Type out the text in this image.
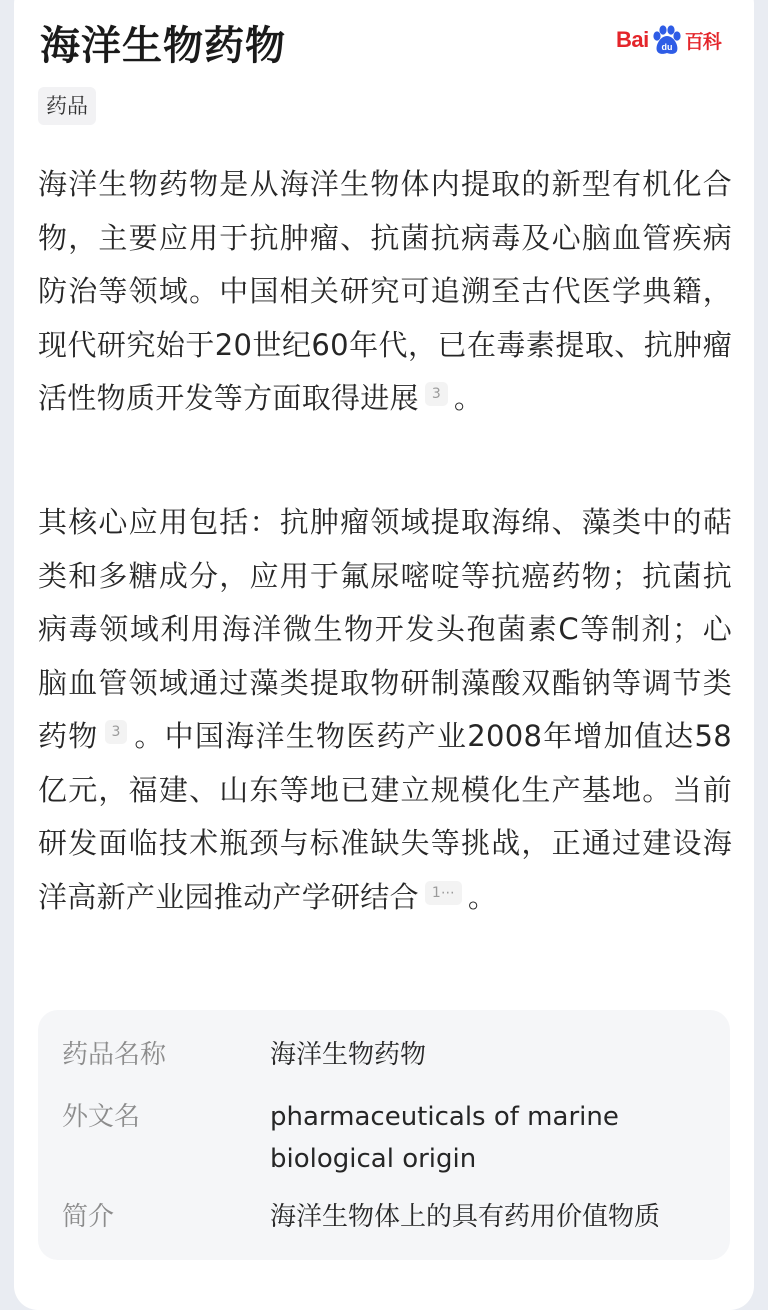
海洋生物药物	Bai du 百科
药品
海洋生物药物是从海洋生物体内提取的新型有机化合物，主要应用于抗肿瘤、抗菌抗病毒及心脑血管疾病防治等领域。中国相关研究可追溯至古代医学典籍，现代研究始于20世纪60年代，已在毒素提取、抗肿瘤活性物质开发等方面取得进展 3 。
其核心应用包括：抗肿瘤领域提取海绵、藻类中的萜类和多糖成分，应用于氟尿嘧啶等抗癌药物；抗菌抗病毒领域利用海洋微生物开发头孢菌素C等制剂；心脑血管领域通过藻类提取物研制藻酸双酯钠等调节类药物 3 。中国海洋生物医药产业2008年增加值达58亿元，福建、山东等地已建立规模化生产基地。当前研发面临技术瓶颈与标准缺失等挑战，正通过建设海洋高新产业园推动产学研结合 1⋯ 。
药品名称	海洋生物药物
外文名	pharmaceuticals of marine biological origin
简介	海洋生物体上的具有药用价值物质
